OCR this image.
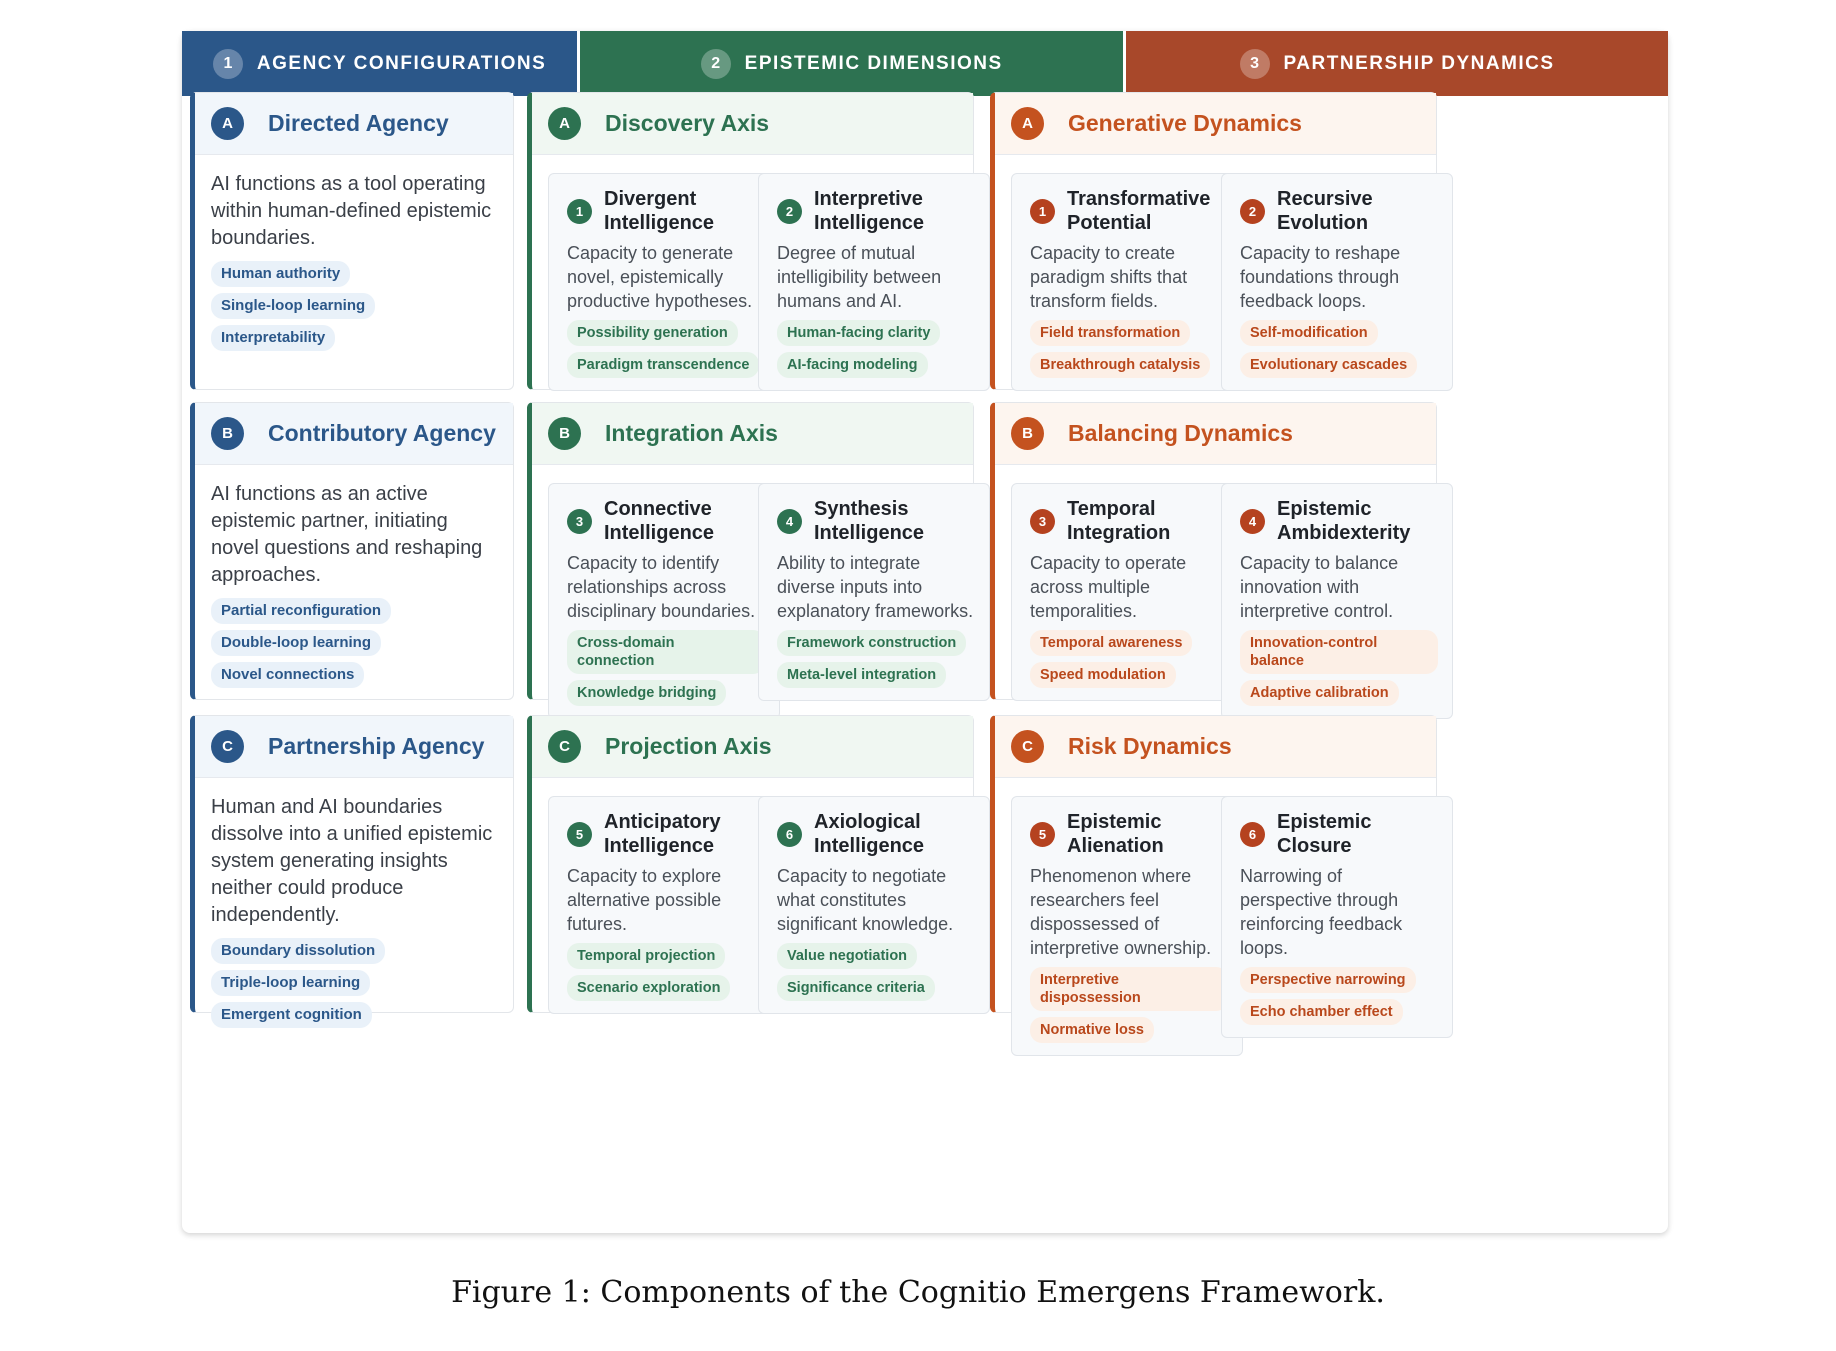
1	AGENCY CONFIGURATIONS	2	EPISTEMIC DIMENSIONS	3	PARTNERSHIP DYNAMICS
A	Directed Agency
AI functions as a tool operating within human-defined epistemic boundaries.
Human authority
Single-loop learning
Interpretability
B	Contributory Agency
AI functions as an active epistemic partner, initiating novel questions and reshaping approaches.
Partial reconfiguration
Double-loop learning
Novel connections
C	Partnership Agency
Human and AI boundaries dissolve into a unified epistemic system generating insights neither could produce independently.
Boundary dissolution
Triple-loop learning
Emergent cognition
A	Discovery Axis
1
Divergent Intelligence
Capacity to generate novel, epistemically productive hypotheses.
Possibility generation
Paradigm transcendence
2
Interpretive Intelligence
Degree of mutual intelligibility between humans and AI.
Human-facing clarity
AI-facing modeling
B	Integration Axis
3
Connective Intelligence
Capacity to identify relationships across disciplinary boundaries.
Cross-domain connection
Knowledge bridging
4
Synthesis Intelligence
Ability to integrate diverse inputs into explanatory frameworks.
Framework construction
Meta-level integration
C	Projection Axis
5
Anticipatory Intelligence
Capacity to explore alternative possible futures.
Temporal projection
Scenario exploration
6
Axiological Intelligence
Capacity to negotiate what constitutes significant knowledge.
Value negotiation
Significance criteria
A	Generative Dynamics
1
Transformative Potential
Capacity to create paradigm shifts that transform fields.
Field transformation
Breakthrough catalysis
2
Recursive Evolution
Capacity to reshape foundations through feedback loops.
Self-modification
Evolutionary cascades
B	Balancing Dynamics
3
Temporal Integration
Capacity to operate across multiple temporalities.
Temporal awareness
Speed modulation
4
Epistemic Ambidexterity
Capacity to balance innovation with interpretive control.
Innovation-control balance
Adaptive calibration
C	Risk Dynamics
5
Epistemic Alienation
Phenomenon where researchers feel dispossessed of interpretive ownership.
Interpretive dispossession
Normative loss
6
Epistemic Closure
Narrowing of perspective through reinforcing feedback loops.
Perspective narrowing
Echo chamber effect
Figure 1: Components of the Cognitio Emergens Framework.
